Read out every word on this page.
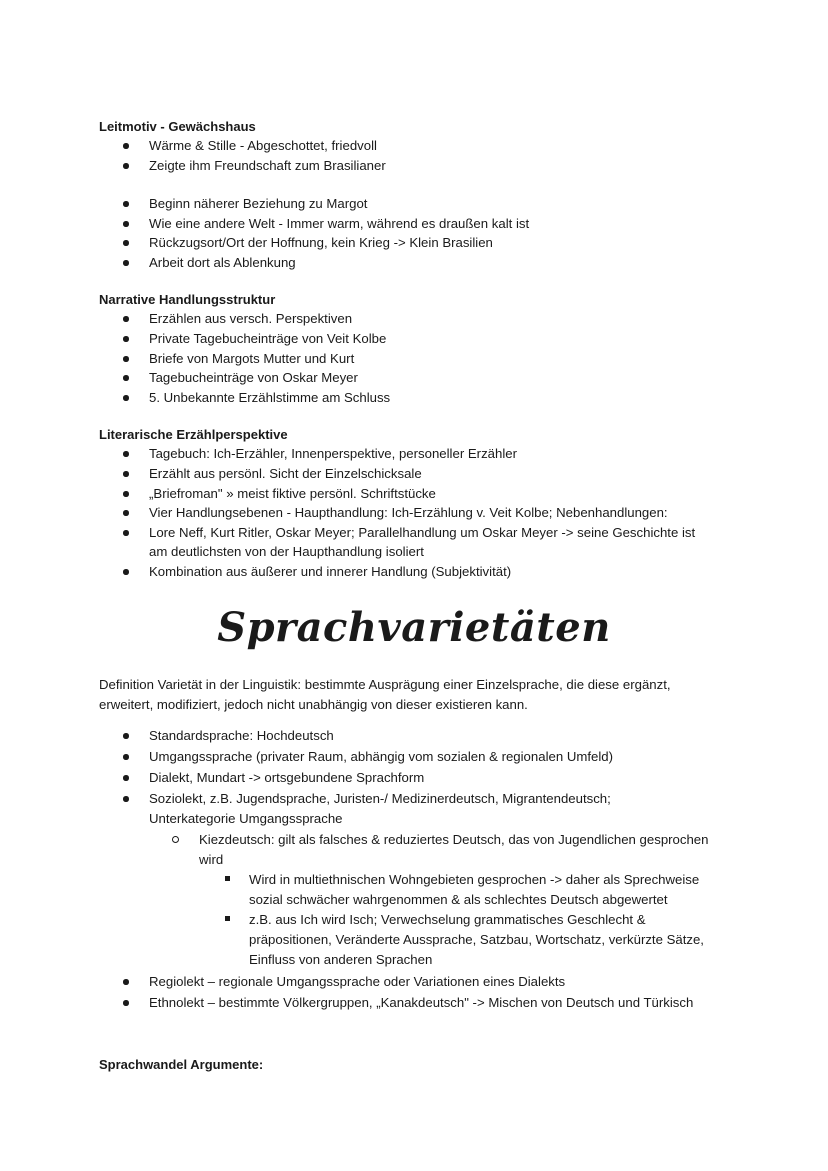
Leitmotiv - Gewächshaus
Wärme & Stille - Abgeschottet, friedvoll
Zeigte ihm Freundschaft zum Brasilianer
Beginn näherer Beziehung zu Margot
Wie eine andere Welt - Immer warm, während es draußen kalt ist
Rückzugsort/Ort der Hoffnung, kein Krieg -> Klein Brasilien
Arbeit dort als Ablenkung
Narrative Handlungsstruktur
Erzählen aus versch. Perspektiven
Private Tagebucheinträge von Veit Kolbe
Briefe von Margots Mutter und Kurt
Tagebucheinträge von Oskar Meyer
5. Unbekannte Erzählstimme am Schluss
Literarische Erzählperspektive
Tagebuch: Ich-Erzähler, Innenperspektive, personeller Erzähler
Erzählt aus persönl. Sicht der Einzelschicksale
„Briefroman" » meist fiktive persönl. Schriftstücke
Vier Handlungsebenen - Haupthandlung: Ich-Erzählung v. Veit Kolbe; Nebenhandlungen:
Lore Neff, Kurt Ritler, Oskar Meyer; Parallelhandlung um Oskar Meyer -> seine Geschichte ist
am deutlichsten von der Haupthandlung isoliert
Kombination aus äußerer und innerer Handlung (Subjektivität)
Sprachvarietäten
Definition Varietät in der Linguistik: bestimmte Ausprägung einer Einzelsprache, die diese ergänzt,
erweitert, modifiziert, jedoch nicht unabhängig von dieser existieren kann.
Standardsprache: Hochdeutsch
Umgangssprache (privater Raum, abhängig vom sozialen & regionalen Umfeld)
Dialekt, Mundart -> ortsgebundene Sprachform
Soziolekt, z.B. Jugendsprache, Juristen-/ Medizinerdeutsch, Migrantendeutsch;
Unterkategorie Umgangssprache
Kiezdeutsch: gilt als falsches & reduziertes Deutsch, das von Jugendlichen gesprochen
wird
Wird in multiethnischen Wohngebieten gesprochen -> daher als Sprechweise
sozial schwächer wahrgenommen & als schlechtes Deutsch abgewertet
z.B. aus Ich wird Isch; Verwechselung grammatisches Geschlecht &
präpositionen, Veränderte Aussprache, Satzbau, Wortschatz, verkürzte Sätze,
Einfluss von anderen Sprachen
Regiolekt – regionale Umgangssprache oder Variationen eines Dialekts
Ethnolekt – bestimmte Völkergruppen, „Kanakdeutsch" -> Mischen von Deutsch und Türkisch
Sprachwandel Argumente:
